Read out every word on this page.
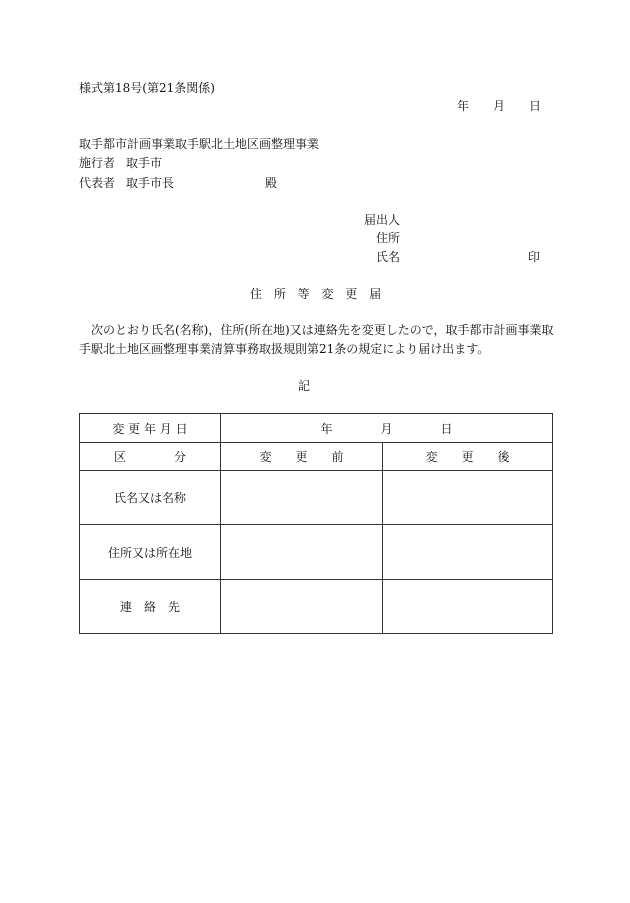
様式第18号(第21条関係)
年 月 日
取手都市計画事業取手駅北土地区画整理事業
施行者 取手市
代表者 取手市長	殿
届出人
住所
氏名	印
住 所 等 変 更 届
次のとおり氏名(名称)，住所(所在地)又は連絡先を変更したので，取手都市計画事業取
手駅北土地区画整理事業清算事務取扱規則第21条の規定により届け出ます。
記
変 更 年 月 日	年　　　　月　　　　日	
区　　　　分	変　　更　　前	変　　更　　後
氏名又は名称		
住所又は所在地		
連　絡　先		
